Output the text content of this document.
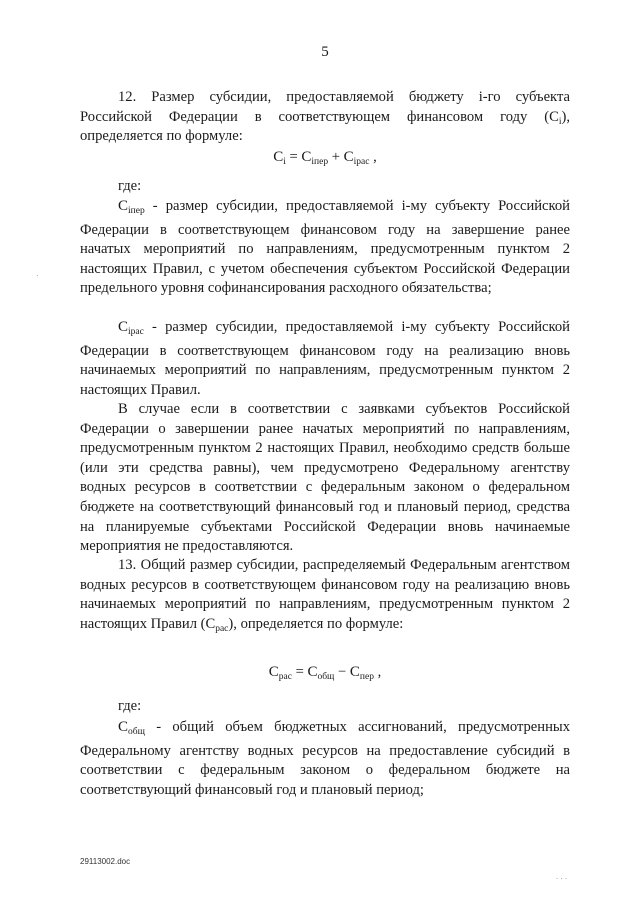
5

12. Размер субсидии, предоставляемой бюджету i-го субъекта

Российской Федерации в соответствующем финансовом году $(C_i)$,

определяется по формуле:

$C_i = C_{iпер} + C_{iрас}$ ,

где:

$C_{iпер}$ - размер субсидии, предоставляемой i-му субъекту Российской

Федерации в соответствующем финансовом году на завершение ранее начатых мероприятий по направлениям, предусмотренным пунктом 2 настоящих Правил, с учетом обеспечения субъектом Российской Федерации предельного уровня софинансирования расходного обязательства;

$C_{iрас}$ - размер субсидии, предоставляемой i-му субъекту Российской

Федерации в соответствующем финансовом году на реализацию вновь начинаемых мероприятий по направлениям, предусмотренным пунктом 2 настоящих Правил.

В случае если в соответствии с заявками субъектов Российской Федерации о завершении ранее начатых мероприятий по направлениям, предусмотренным пунктом 2 настоящих Правил, необходимо средств больше (или эти средства равны), чем предусмотрено Федеральному агентству водных ресурсов в соответствии с федеральным законом о федеральном бюджете на соответствующий финансовый год и плановый период, средства на планируемые субъектами Российской Федерации вновь начинаемые мероприятия не предоставляются.

13. Общий размер субсидии, распределяемый Федеральным агентством водных ресурсов в соответствующем финансовом году на реализацию вновь начинаемых мероприятий по направлениям, предусмотренным пунктом 2 настоящих Правил $(C_{рас})$, определяется по формуле:

$C_{рас} = C_{общ} - C_{пер}$ ,

где:

$C_{общ}$ - общий объем бюджетных ассигнований, предусмотренных

Федеральному агентству водных ресурсов на предоставление субсидий в соответствии с федеральным законом о федеральном бюджете на соответствующий финансовый год и плановый период;

29113002.doc
·
. . .
